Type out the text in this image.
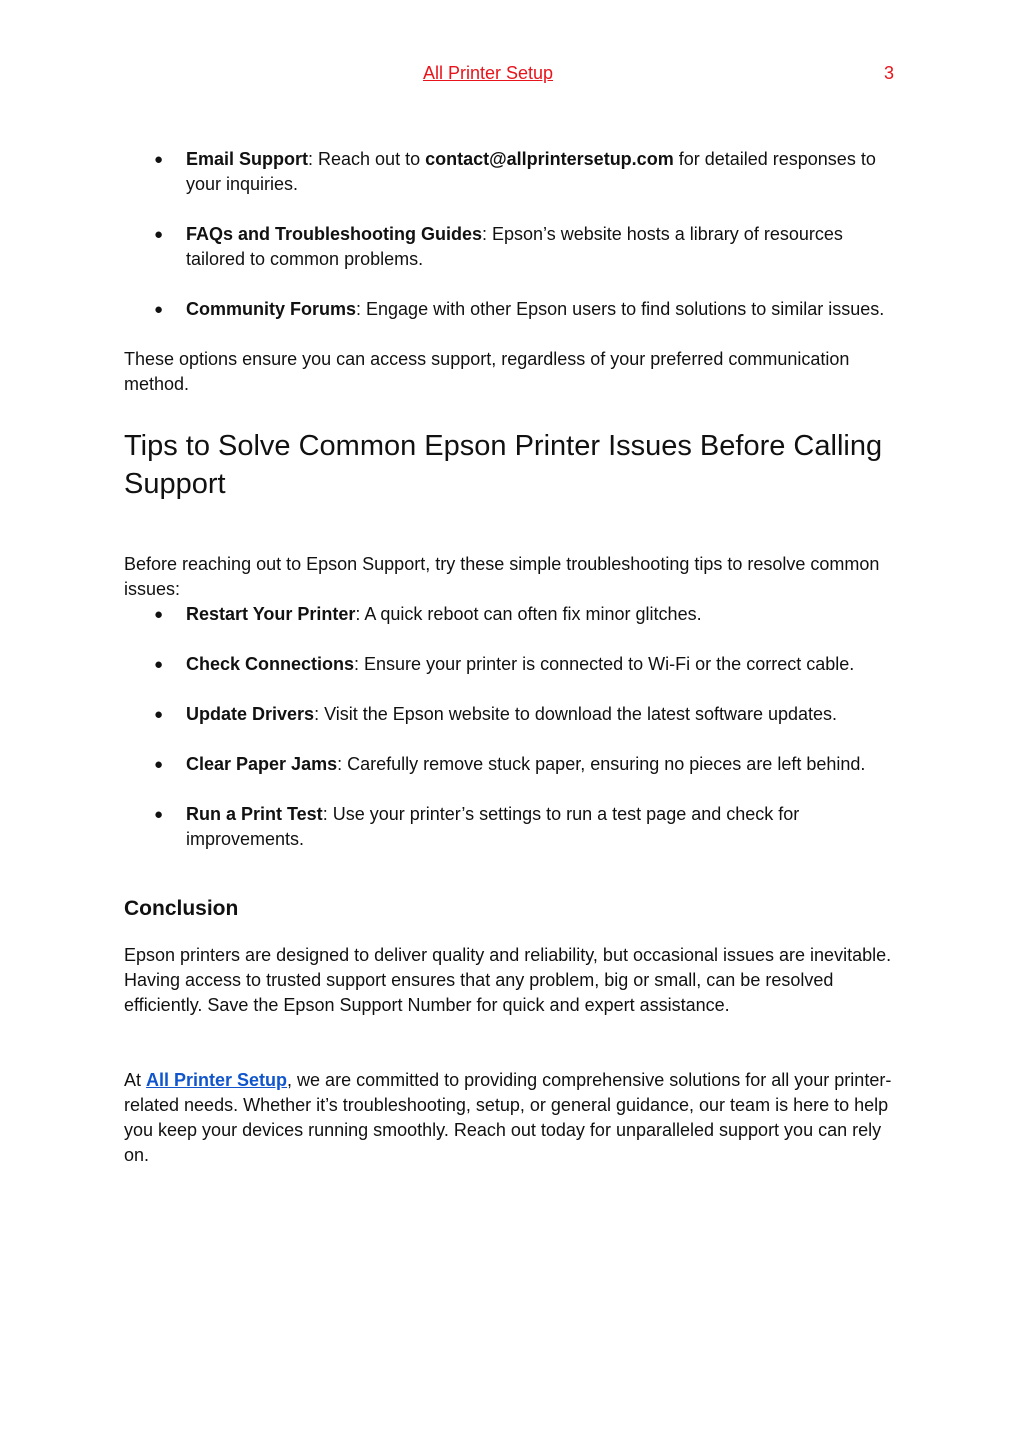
All Printer Setup	3
● Email Support: Reach out to contact@allprintersetup.com for detailed responses to your inquiries.
● FAQs and Troubleshooting Guides: Epson’s website hosts a library of resources tailored to common problems.
● Community Forums: Engage with other Epson users to find solutions to similar issues.

These options ensure you can access support, regardless of your preferred communication method.

Tips to Solve Common Epson Printer Issues Before Calling Support

Before reaching out to Epson Support, try these simple troubleshooting tips to resolve common issues:

● Restart Your Printer: A quick reboot can often fix minor glitches.
● Check Connections: Ensure your printer is connected to Wi-Fi or the correct cable.
● Update Drivers: Visit the Epson website to download the latest software updates.
● Clear Paper Jams: Carefully remove stuck paper, ensuring no pieces are left behind.
● Run a Print Test: Use your printer’s settings to run a test page and check for improvements.
Conclusion

Epson printers are designed to deliver quality and reliability, but occasional issues are inevitable. Having access to trusted support ensures that any problem, big or small, can be resolved efficiently. Save the Epson Support Number for quick and expert assistance.

At All Printer Setup, we are committed to providing comprehensive solutions for all your printer-related needs. Whether it’s troubleshooting, setup, or general guidance, our team is here to help you keep your devices running smoothly. Reach out today for unparalleled support you can rely on.
